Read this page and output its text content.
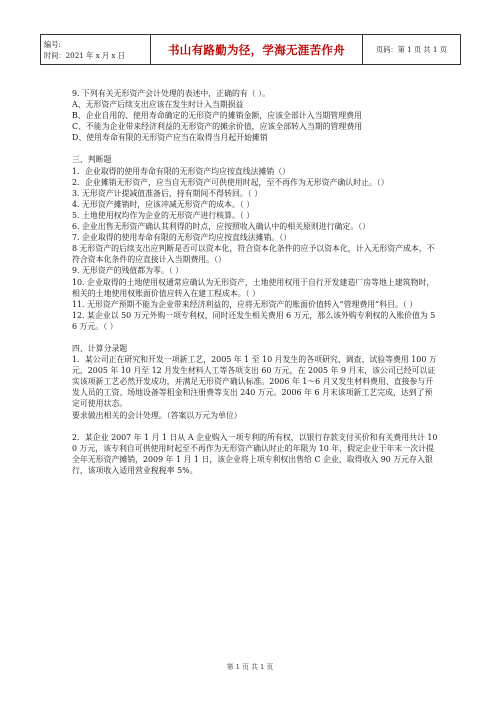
编号:
时间：2021 年 x 月 x 日	书山有路勤为径，学海无涯苦作舟	页码：第 1 页 共 1 页

9. 下列有关无形资产会计处理的表述中，正确的有（ ）。

A、无形资产后续支出应该在发生时计入当期损益

B、企业自用的、使用寿命确定的无形资产的摊销金额，应该全部计入当期管理费用

C、不能为企业带来经济利益的无形资产的摊余价值，应该全部转入当期的管理费用

D、使用寿命有限的无形资产应当在取得当月起开始摊销

三、判断题

1．企业取得的使用寿命有限的无形资产均应按直线法摊销（）

2．企业摊销无形资产，应当自无形资产可供使用时起，至不再作为无形资产确认时止。（）

3. 无形资产计提减值准备后，持有期间不得转回。（ ）

4. 无形资产摊销时，应该冲减无形资产的成本。（ ）

5. 土地使用权均作为企业的无形资产进行核算。（ ）

6. 企业出售无形资产确认其利得的时点，应按照收入确认中的相关原则进行确定。（）

7. 企业取得的使用寿命有限的无形资产均应按直线法摊销。（）

8 无形资产的后续支出应判断是否可以资本化，符合资本化条件的应予以资本化，计入无形资产成本，不符合资本化条件的应直接计入当期费用。（）

9. 无形资产的残值都为零。（ ）

10. 企业取得的土地使用权通常应确认为无形资产，土地使用权用于自行开发建造厂房等地上建筑物时，相关的土地使用权账面价值应转入在建工程成本。（ ）

11. 无形资产预期不能为企业带来经济利益的，应将无形资产的账面价值转入“管理费用”科目。（ ）

12. 某企业以 50 万元外购一项专利权，同时还发生相关费用 6 万元，那么该外购专利权的入账价值为 56 万元。（ ）

四、计算分录题

1．某公司正在研究和开发一项新工艺，2005 年 1 至 10 月发生的各项研究、调查、试验等费用 100 万元，2005 年 10 月至 12 月发生材料人工等各项支出 60 万元，在 2005 年 9 月末，该公司已经可以证实该项新工艺必然开发成功，并满足无形资产确认标准。2006 年 1～6 月又发生材料费用、直接参与开发人员的工资、场地设备等租金和注册费等支出 240 万元。2006 年 6 月末该项新工艺完成，达到了预定可使用状态。

要求做出相关的会计处理。（答案以万元为单位）

2．某企业 2007 年 1 月 1 日从 A 企业购入一项专利的所有权，以银行存款支付买价和有关费用共计 100 万元，该专利自可供使用时起至不再作为无形资产确认时止的年限为 10 年，假定企业于年末一次计提全年无形资产摊销，2009 年 1 月 1 日，该企业将上项专利权出售给 C 企业，取得收入 90 万元存入银行，该项收入适用营业税税率 5%。

第 1 页 共 1 页
